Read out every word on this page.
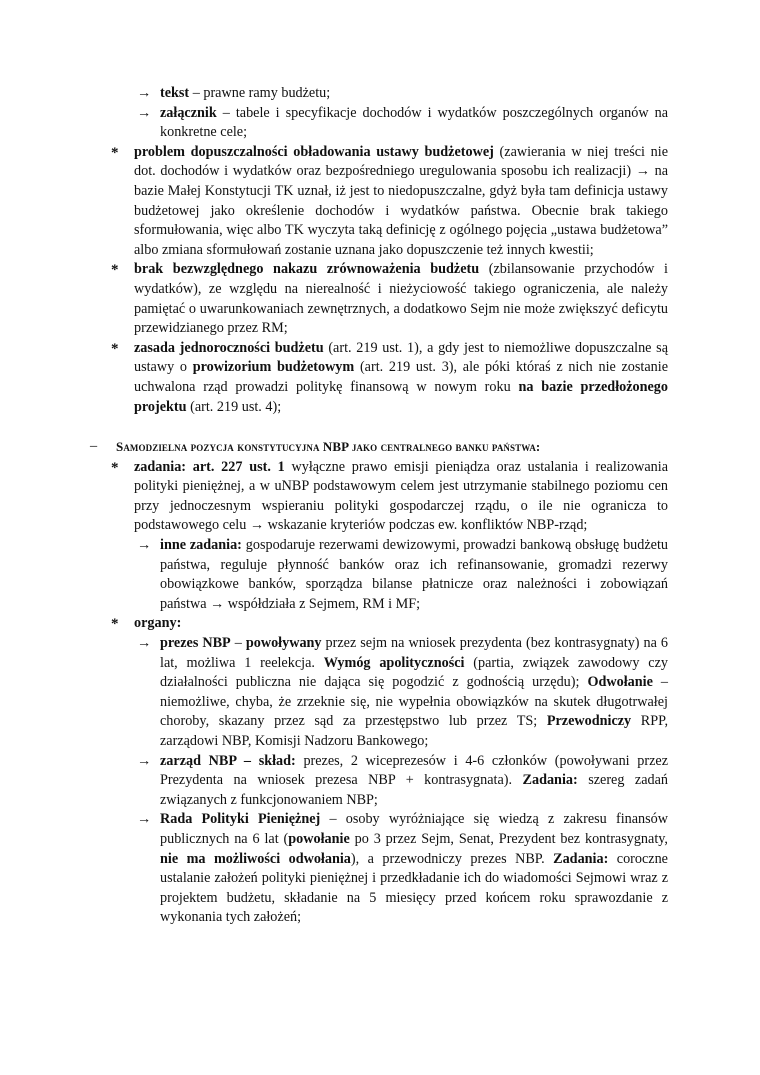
→ tekst – prawne ramy budżetu;
→ załącznik – tabele i specyfikacje dochodów i wydatków poszczególnych organów na konkretne cele;
* problem dopuszczalności obładowania ustawy budżetowej (zawierania w niej treści nie dot. dochodów i wydatków oraz bezpośredniego uregulowania sposobu ich realizacji) → na bazie Małej Konstytucji TK uznał, iż jest to niedopuszczalne, gdyż była tam definicja ustawy budżetowej jako określenie dochodów i wydatków państwa. Obecnie brak takiego sformułowania, więc albo TK wyczyta taką definicję z ogólnego pojęcia „ustawa budżetowa” albo zmiana sformułowań zostanie uznana jako dopuszczenie też innych kwestii;
* brak bezwzględnego nakazu zrównoważenia budżetu (zbilansowanie przychodów i wydatków), ze względu na nierealność i nieżyciowość takiego ograniczenia, ale należy pamiętać o uwarunkowaniach zewnętrznych, a dodatkowo Sejm nie może zwiększyć deficytu przewidzianego przez RM;
* zasada jednoroczności budżetu (art. 219 ust. 1), a gdy jest to niemożliwe dopuszczalne są ustawy o prowizorium budżetowym (art. 219 ust. 3), ale póki któraś z nich nie zostanie uchwalona rząd prowadzi politykę finansową w nowym roku na bazie przedłożonego projektu (art. 219 ust. 4);
– Samodzielna pozycja konstytucyjna NBP jako centralnego banku państwa:
* zadania: art. 227 ust. 1 wyłączne prawo emisji pieniądza oraz ustalania i realizowania polityki pieniężnej, a w uNBP podstawowym celem jest utrzymanie stabilnego poziomu cen przy jednoczesnym wspieraniu polityki gospodarczej rządu, o ile nie ogranicza to podstawowego celu → wskazanie kryteriów podczas ew. konfliktów NBP-rząd;
→ inne zadania: gospodaruje rezerwami dewizowymi, prowadzi bankową obsługę budżetu państwa, reguluje płynność banków oraz ich refinansowanie, gromadzi rezerwy obowiązkowe banków, sporządza bilanse płatnicze oraz należności i zobowiązań państwa → współdziała z Sejmem, RM i MF;
* organy:
→ prezes NBP – powoływany przez sejm na wniosek prezydenta (bez kontrasygnaty) na 6 lat, możliwa 1 reelekcja. Wymóg apolityczności (partia, związek zawodowy czy działalności publiczna nie dająca się pogodzić z godnością urzędu); Odwołanie – niemożliwe, chyba, że zrzeknie się, nie wypełnia obowiązków na skutek długotrwałej choroby, skazany przez sąd za przestępstwo lub przez TS; Przewodniczy RPP, zarządowi NBP, Komisji Nadzoru Bankowego;
→ zarząd NBP – skład: prezes, 2 wiceprezesów i 4-6 członków (powoływani przez Prezydenta na wniosek prezesa NBP + kontrasygnata). Zadania: szereg zadań związanych z funkcjonowaniem NBP;
→ Rada Polityki Pieniężnej – osoby wyróżniające się wiedzą z zakresu finansów publicznych na 6 lat (powołanie po 3 przez Sejm, Senat, Prezydent bez kontrasygnaty, nie ma możliwości odwołania), a przewodniczy prezes NBP. Zadania: coroczne ustalanie założeń polityki pieniężnej i przedkładanie ich do wiadomości Sejmowi wraz z projektem budżetu, składanie na 5 miesięcy przed końcem roku sprawozdanie z wykonania tych założeń;
